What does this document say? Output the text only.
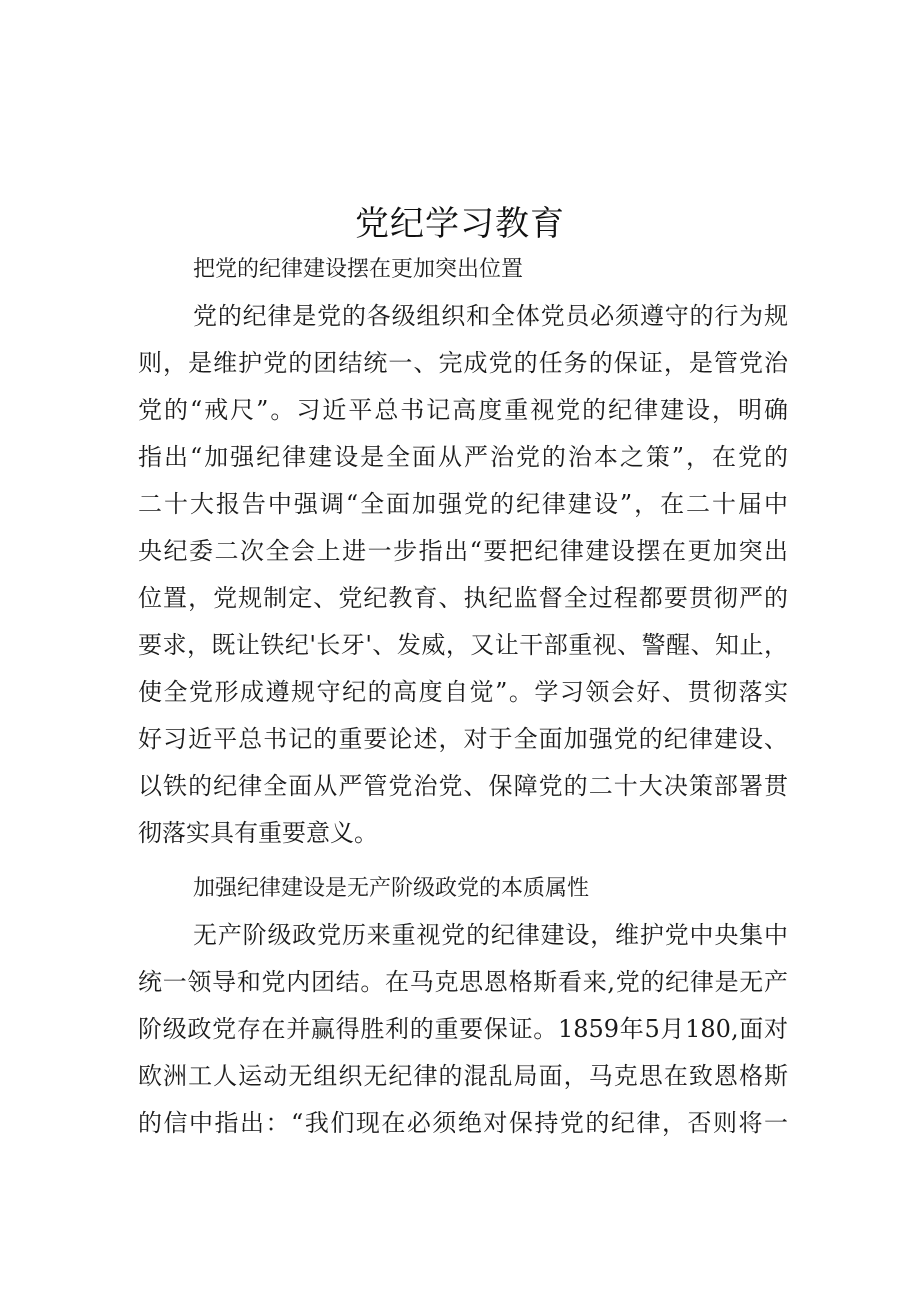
党纪学习教育
把党的纪律建设摆在更加突出位置
党的纪律是党的各级组织和全体党员必须遵守的行为规
则，是维护党的团结统一、完成党的任务的保证，是管党治
党的“戒尺”。习近平总书记高度重视党的纪律建设，明确
指出“加强纪律建设是全面从严治党的治本之策”，在党的
二十大报告中强调“全面加强党的纪律建设”，在二十届中
央纪委二次全会上进一步指出“要把纪律建设摆在更加突出
位置，党规制定、党纪教育、执纪监督全过程都要贯彻严的
要求，既让铁纪'长牙'、发威，又让干部重视、警醒、知止，
使全党形成遵规守纪的高度自觉”。学习领会好、贯彻落实
好习近平总书记的重要论述，对于全面加强党的纪律建设、
以铁的纪律全面从严管党治党、保障党的二十大决策部署贯
彻落实具有重要意义。
加强纪律建设是无产阶级政党的本质属性
无产阶级政党历来重视党的纪律建设，维护党中央集中
统一领导和党内团结。在马克思恩格斯看来,党的纪律是无产
阶级政党存在并赢得胜利的重要保证。1859年5月180,面对
欧洲工人运动无组织无纪律的混乱局面，马克思在致恩格斯
的信中指出：“我们现在必须绝对保持党的纪律，否则将一
